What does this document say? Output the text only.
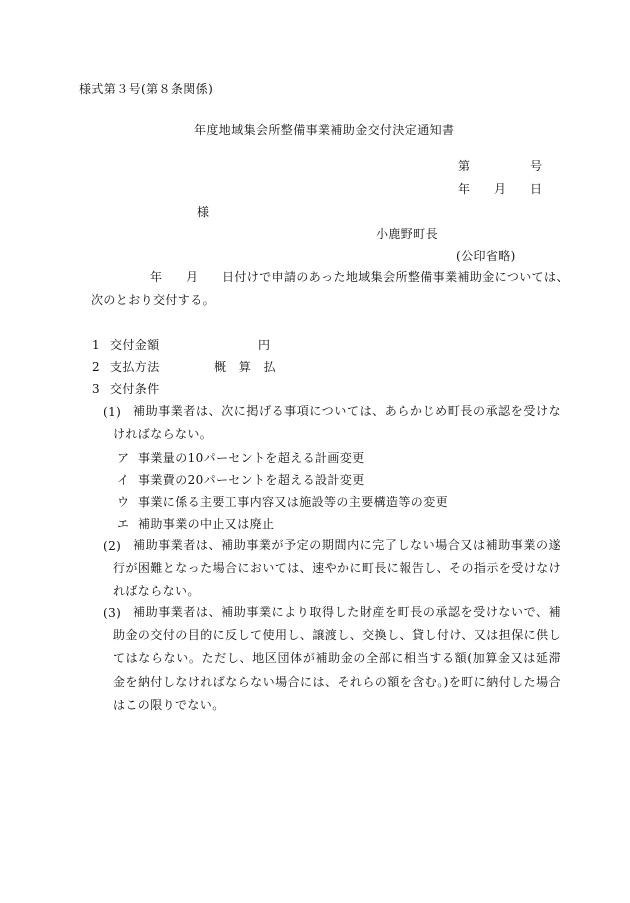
様式第３号(第８条関係)
年度地域集会所整備事業補助金交付決定通知書
第	号
年 月 日
様
小鹿野町長
(公印省略)
年 月 日付けで申請のあった地域集会所整備事業補助金については、
次のとおり交付する。
1 交付金額	円
2 支払方法	概　算　払
3 交付条件
(1) 補助事業者は、次に掲げる事項については、あらかじめ町長の承認を受けなければならない。
ア 事業量の10パーセントを超える計画変更
イ 事業費の20パーセントを超える設計変更
ウ 事業に係る主要工事内容又は施設等の主要構造等の変更
エ 補助事業の中止又は廃止
(2) 補助事業者は、補助事業が予定の期間内に完了しない場合又は補助事業の遂行が困難となった場合においては、速やかに町長に報告し、その指示を受けなければならない。
(3) 補助事業者は、補助事業により取得した財産を町長の承認を受けないで、補助金の交付の目的に反して使用し、譲渡し、交換し、貸し付け、又は担保に供してはならない。ただし、地区団体が補助金の全部に相当する額(加算金又は延滞金を納付しなければならない場合には、それらの額を含む。)を町に納付した場合はこの限りでない。
